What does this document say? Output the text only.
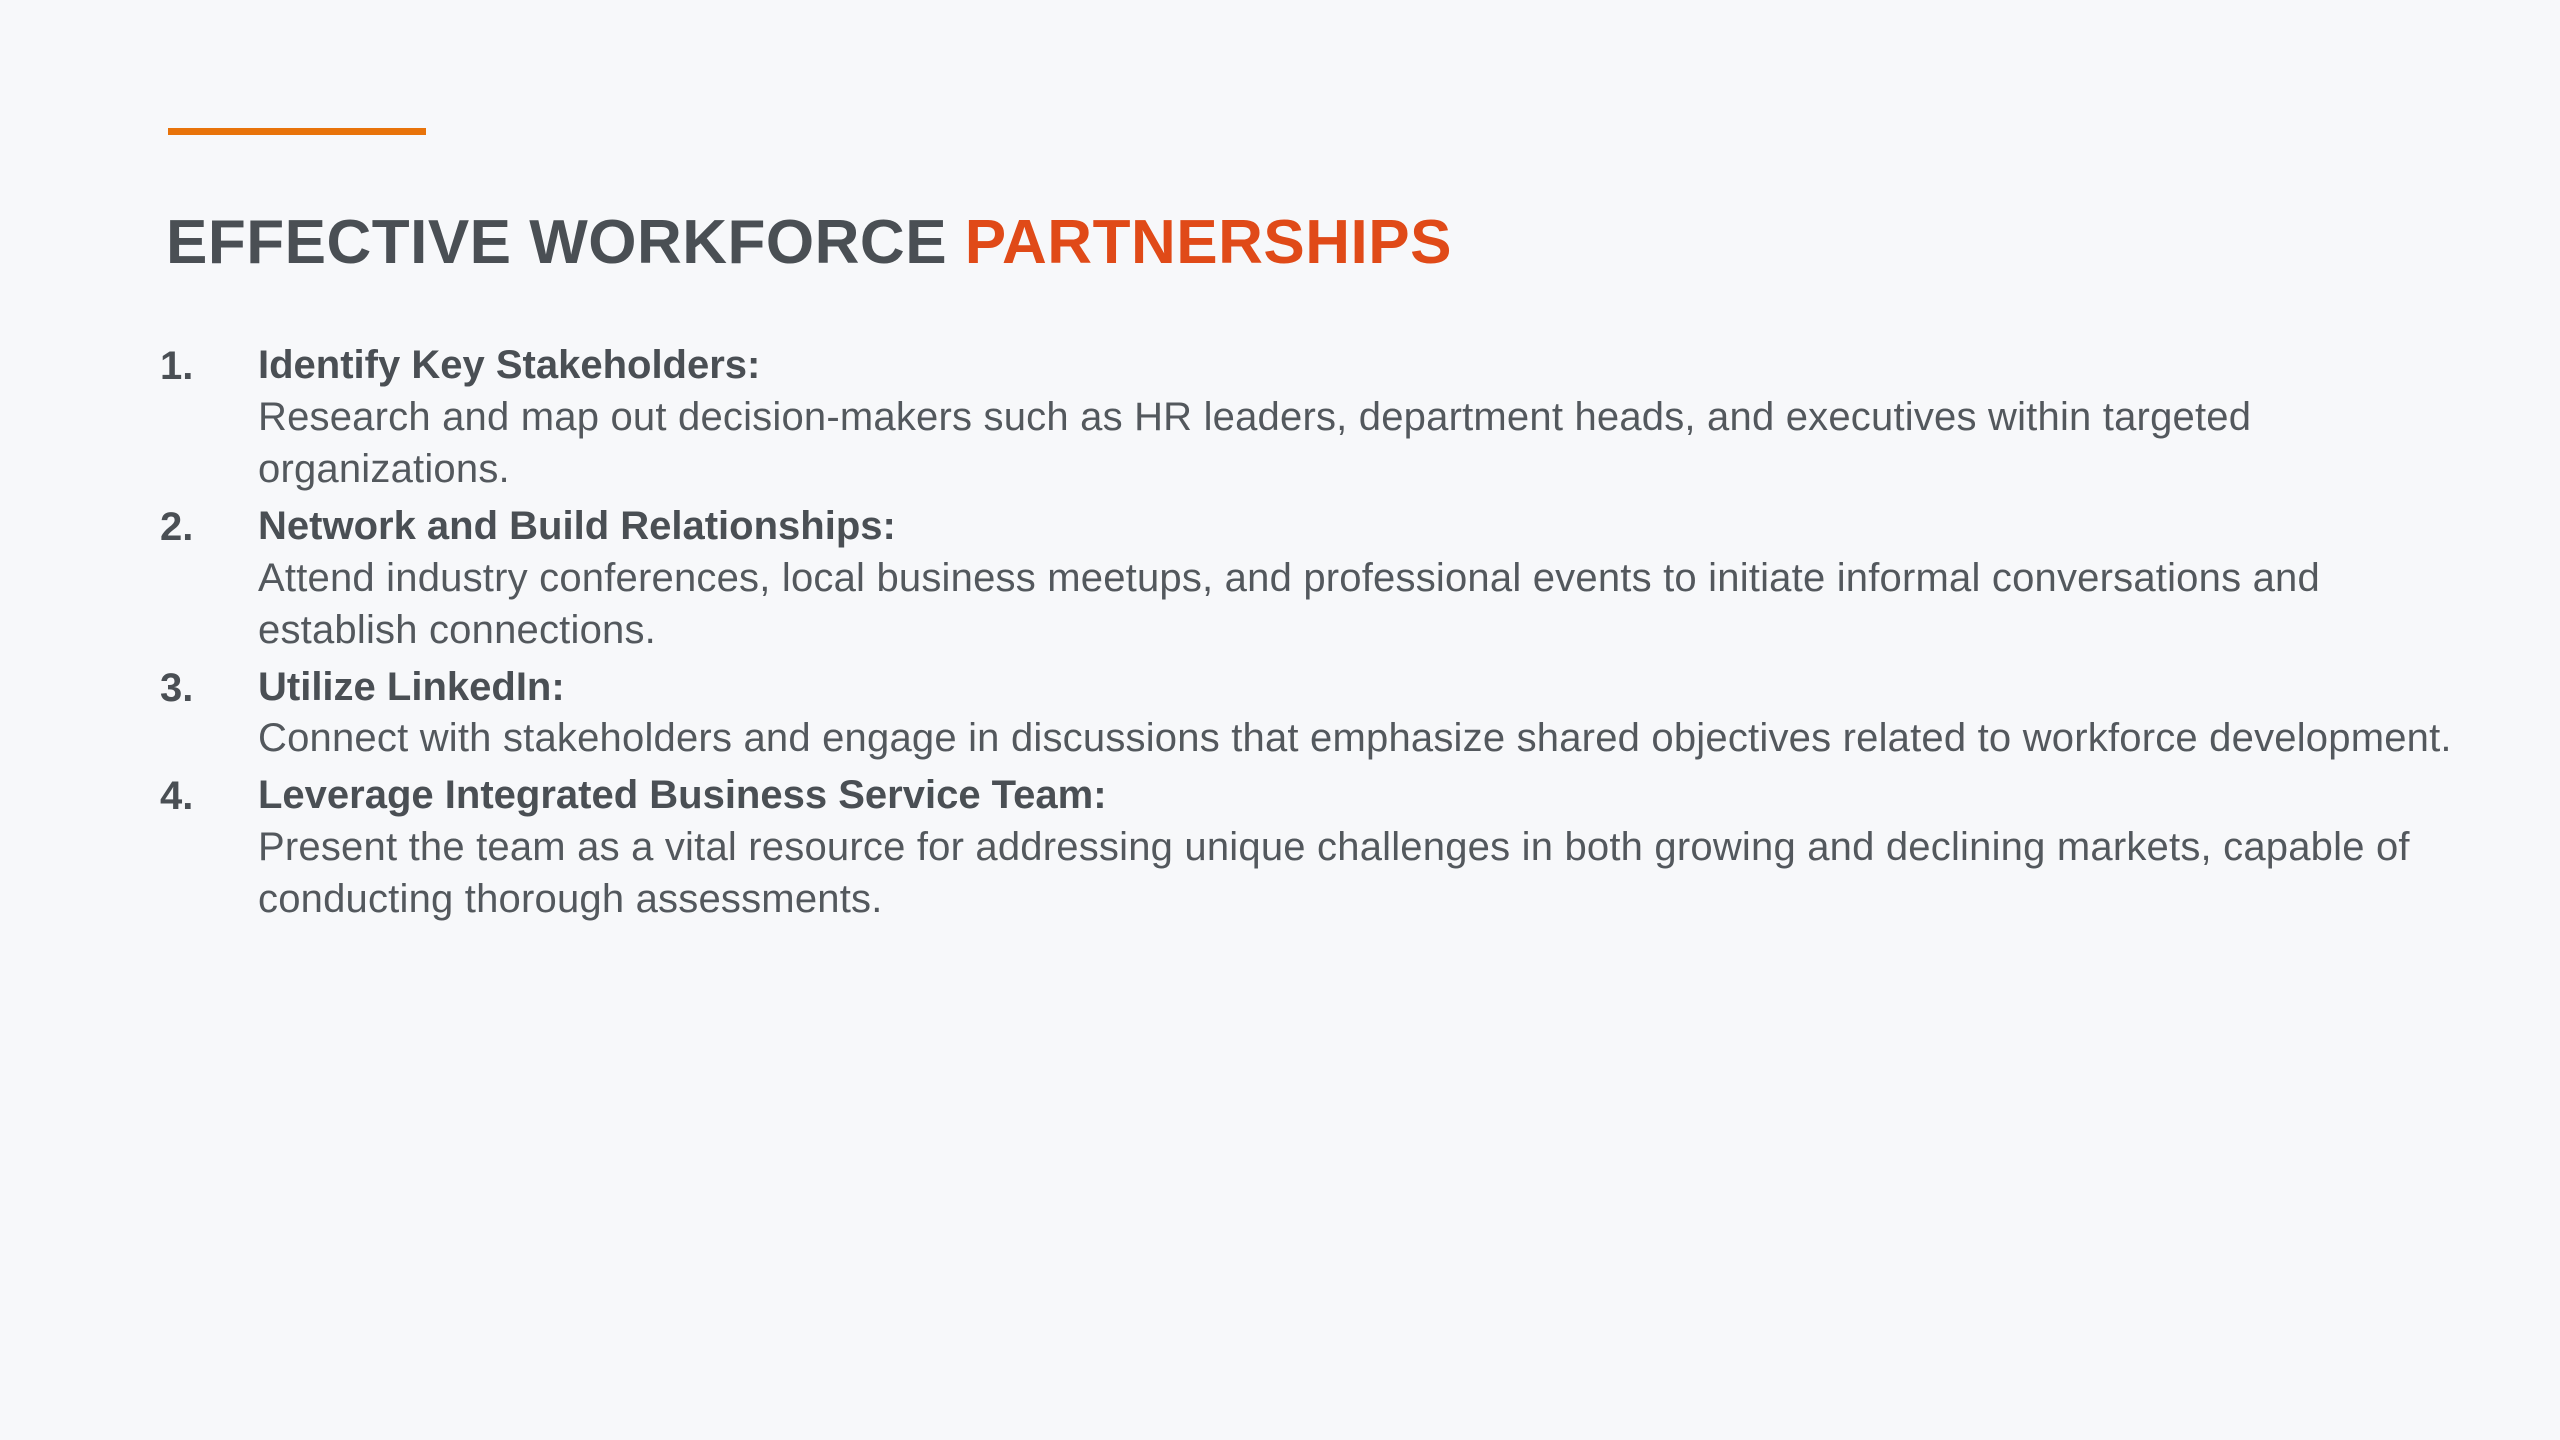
EFFECTIVE WORKFORCE PARTNERSHIPS
1.	Identify Key Stakeholders:
Research and map out decision-makers such as HR leaders, department heads, and executives within targeted organizations.
2.	Network and Build Relationships:
Attend industry conferences, local business meetups, and professional events to initiate informal conversations and establish connections.
3.	Utilize LinkedIn:
Connect with stakeholders and engage in discussions that emphasize shared objectives related to workforce development.
4.	Leverage Integrated Business Service Team:
Present the team as a vital resource for addressing unique challenges in both growing and declining markets, capable of conducting thorough assessments.
